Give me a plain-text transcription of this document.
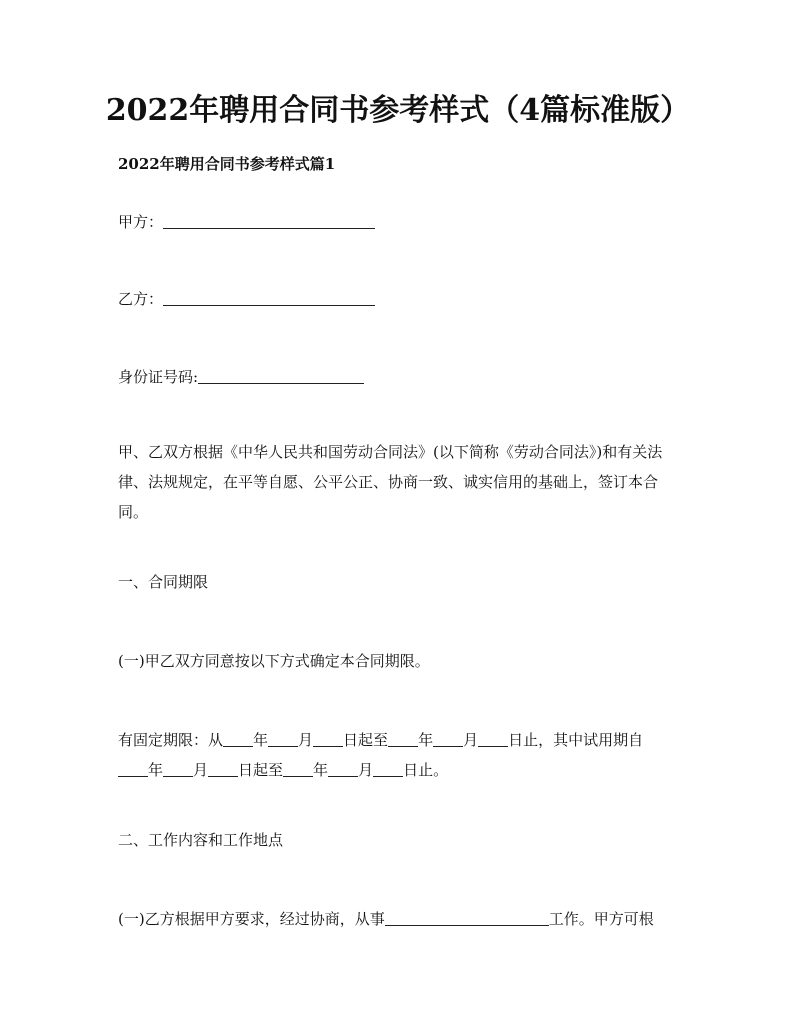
2022年聘用合同书参考样式（4篇标准版）
2022年聘用合同书参考样式篇1
甲方：
乙方：
身份证号码:
甲、乙双方根据《中华人民共和国劳动合同法》(以下简称《劳动合同法》)和有关法律、法规规定，在平等自愿、公平公正、协商一致、诚实信用的基础上，签订本合同。
一、合同期限
(一)甲乙双方同意按以下方式确定本合同期限。
有固定期限：从 年 月 日起至 年 月 日止，其中试用期自
年 月 日起至 年 月 日止。
二、工作内容和工作地点
(一)乙方根据甲方要求，经过协商，从事	工作。甲方可根
